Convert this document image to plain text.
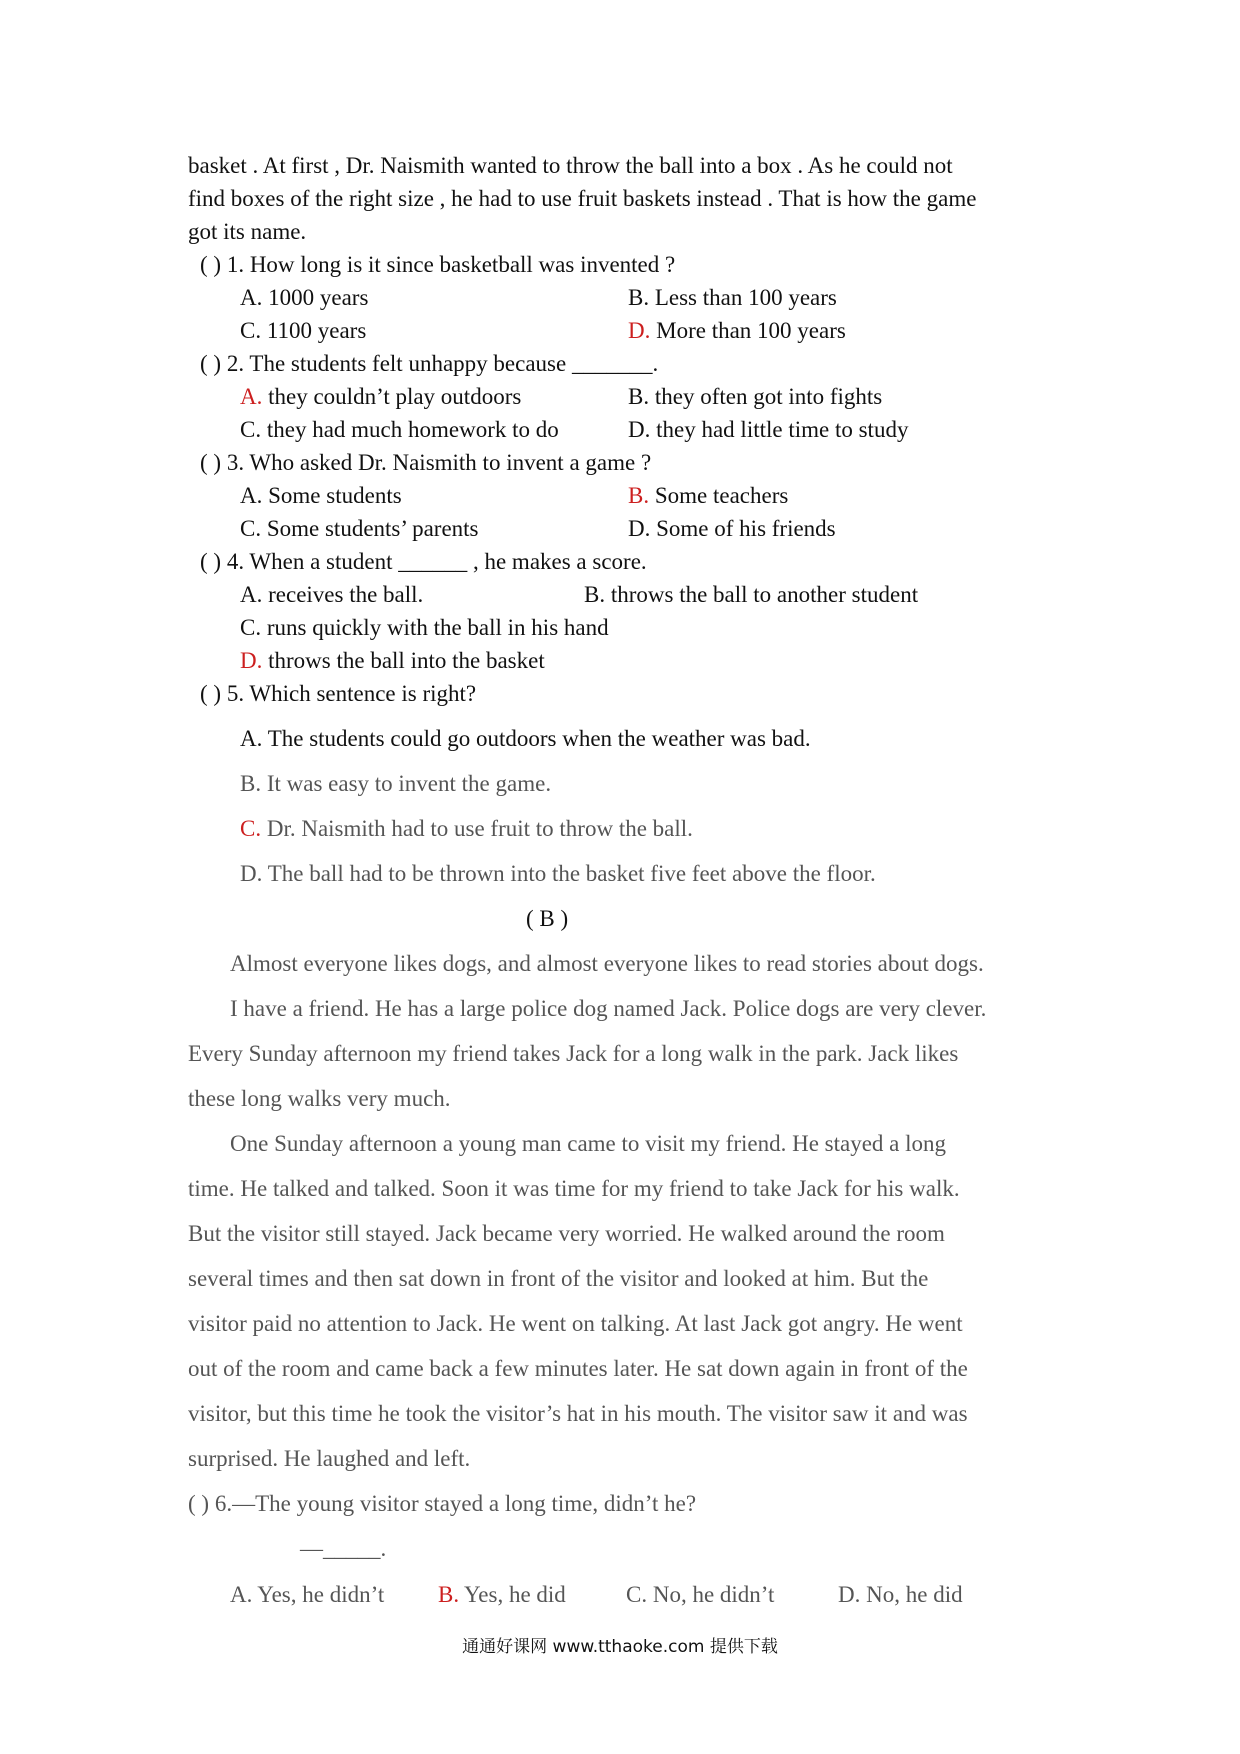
basket . At first , Dr. Naismith wanted to throw the ball into a box . As he could not
find boxes of the right size , he had to use fruit baskets instead . That is how the game
got its name.
( ) 1. How long is it since basketball was invented ?
A. 1000 years	B. Less than 100 years
C. 1100 years	D. More than 100 years
( ) 2. The students felt unhappy because _______.
A. they couldn’t play outdoors	B. they often got into fights
C. they had much homework to do	D. they had little time to study
( ) 3. Who asked Dr. Naismith to invent a game ?
A. Some students	B. Some teachers
C. Some students’ parents	D. Some of his friends
( ) 4. When a student ______ , he makes a score.
A. receives the ball.	B. throws the ball to another student
C. runs quickly with the ball in his hand
D. throws the ball into the basket
( ) 5. Which sentence is right?
A. The students could go outdoors when the weather was bad.
B. It was easy to invent the game.
C. Dr. Naismith had to use fruit to throw the ball.
D. The ball had to be thrown into the basket five feet above the floor.
( B )
Almost everyone likes dogs, and almost everyone likes to read stories about dogs.
I have a friend. He has a large police dog named Jack. Police dogs are very clever.
Every Sunday afternoon my friend takes Jack for a long walk in the park. Jack likes
these long walks very much.
One Sunday afternoon a young man came to visit my friend. He stayed a long
time. He talked and talked. Soon it was time for my friend to take Jack for his walk.
But the visitor still stayed. Jack became very worried. He walked around the room
several times and then sat down in front of the visitor and looked at him. But the
visitor paid no attention to Jack. He went on talking. At last Jack got angry. He went
out of the room and came back a few minutes later. He sat down again in front of the
visitor, but this time he took the visitor’s hat in his mouth. The visitor saw it and was
surprised. He laughed and left.
( ) 6.—The young visitor stayed a long time, didn’t he?
—_____.
A. Yes, he didn’t B. Yes, he did	C. No, he didn’t	D. No, he did
通通好课网 www.tthaoke.com 提供下载
